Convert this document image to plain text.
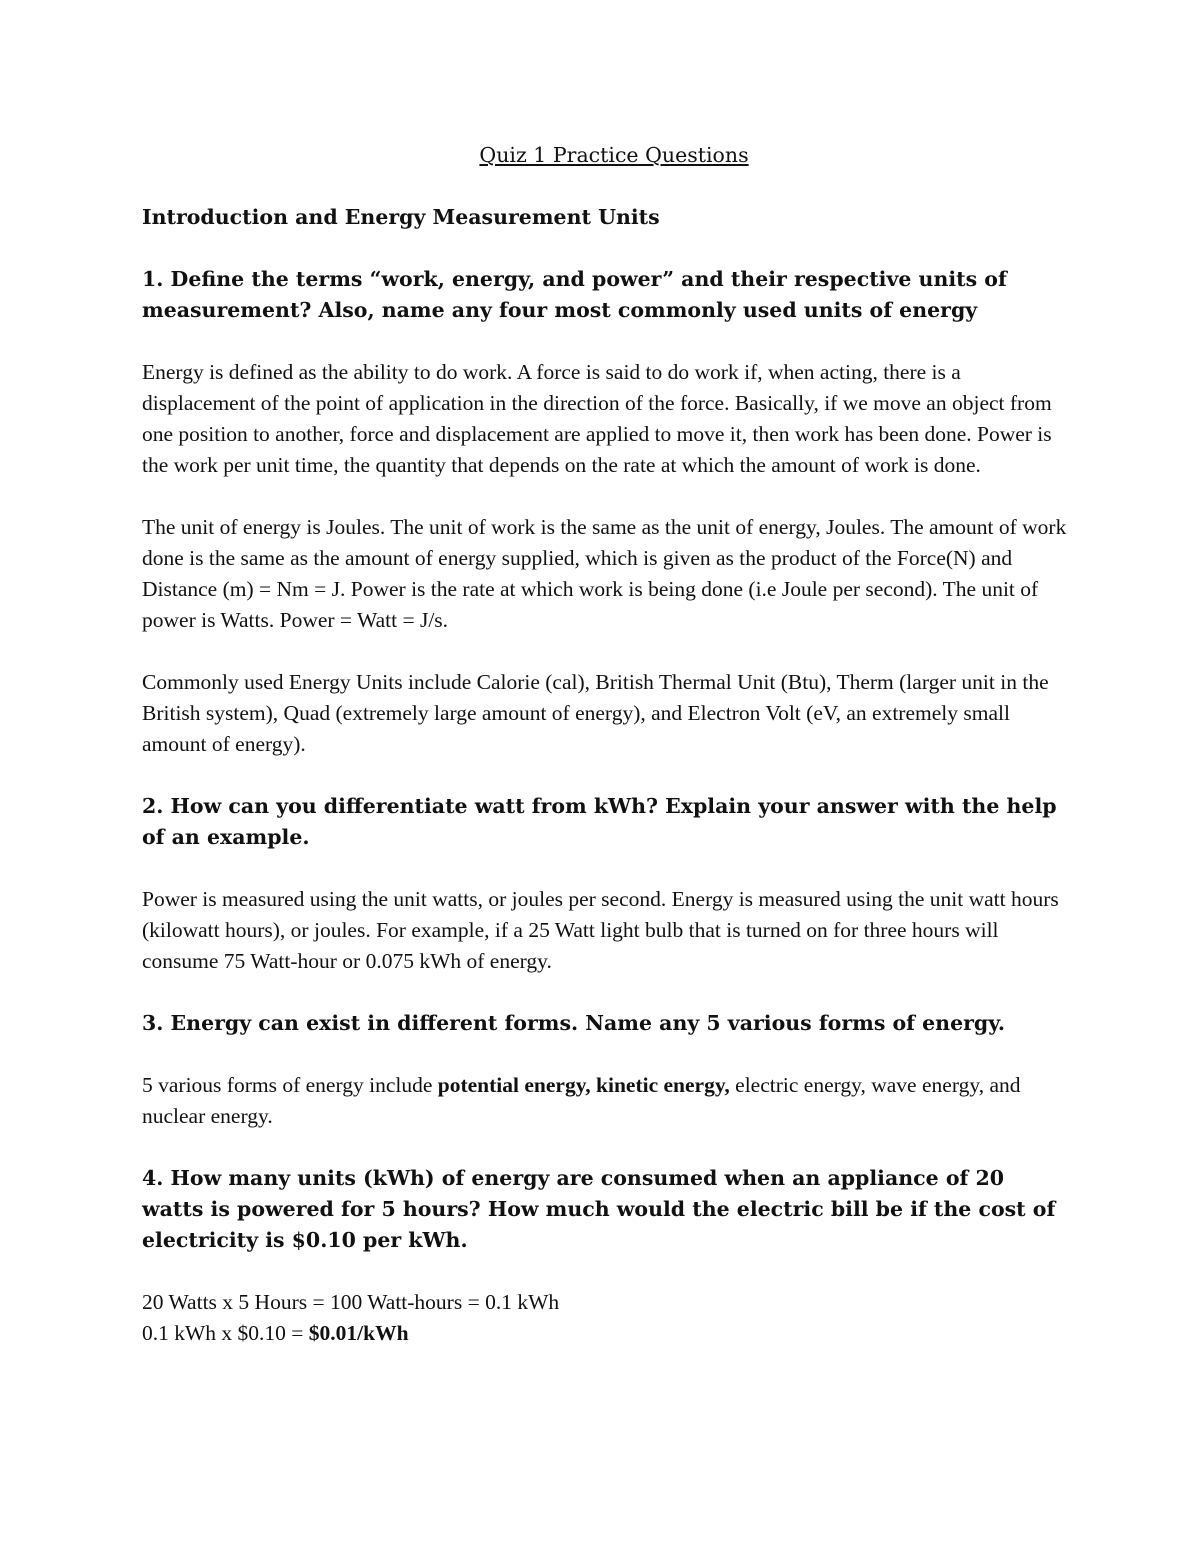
Quiz 1 Practice Questions

Introduction and Energy Measurement Units

1. Define the terms “work, energy, and power” and their respective units of measurement? Also, name any four most commonly used units of energy

Energy is defined as the ability to do work. A force is said to do work if, when acting, there is a displacement of the point of application in the direction of the force. Basically, if we move an object from one position to another, force and displacement are applied to move it, then work has been done. Power is the work per unit time, the quantity that depends on the rate at which the amount of work is done.

The unit of energy is Joules. The unit of work is the same as the unit of energy, Joules. The amount of work done is the same as the amount of energy supplied, which is given as the product of the Force(N) and Distance (m) = Nm = J. Power is the rate at which work is being done (i.e Joule per second). The unit of power is Watts. Power = Watt = J/s.

Commonly used Energy Units include Calorie (cal), British Thermal Unit (Btu), Therm (larger unit in the British system), Quad (extremely large amount of energy), and Electron Volt (eV, an extremely small amount of energy).

2. How can you differentiate watt from kWh? Explain your answer with the help of an example.

Power is measured using the unit watts, or joules per second. Energy is measured using the unit watt hours (kilowatt hours), or joules. For example, if a 25 Watt light bulb that is turned on for three hours will consume 75 Watt-hour or 0.075 kWh of energy.

3. Energy can exist in different forms. Name any 5 various forms of energy.

5 various forms of energy include potential energy, kinetic energy, electric energy, wave energy, and nuclear energy.

4. How many units (kWh) of energy are consumed when an appliance of 20 watts is powered for 5 hours? How much would the electric bill be if the cost of electricity is $0.10 per kWh.

20 Watts x 5 Hours = 100 Watt-hours = 0.1 kWh

0.1 kWh x $0.10 = $0.01/kWh
